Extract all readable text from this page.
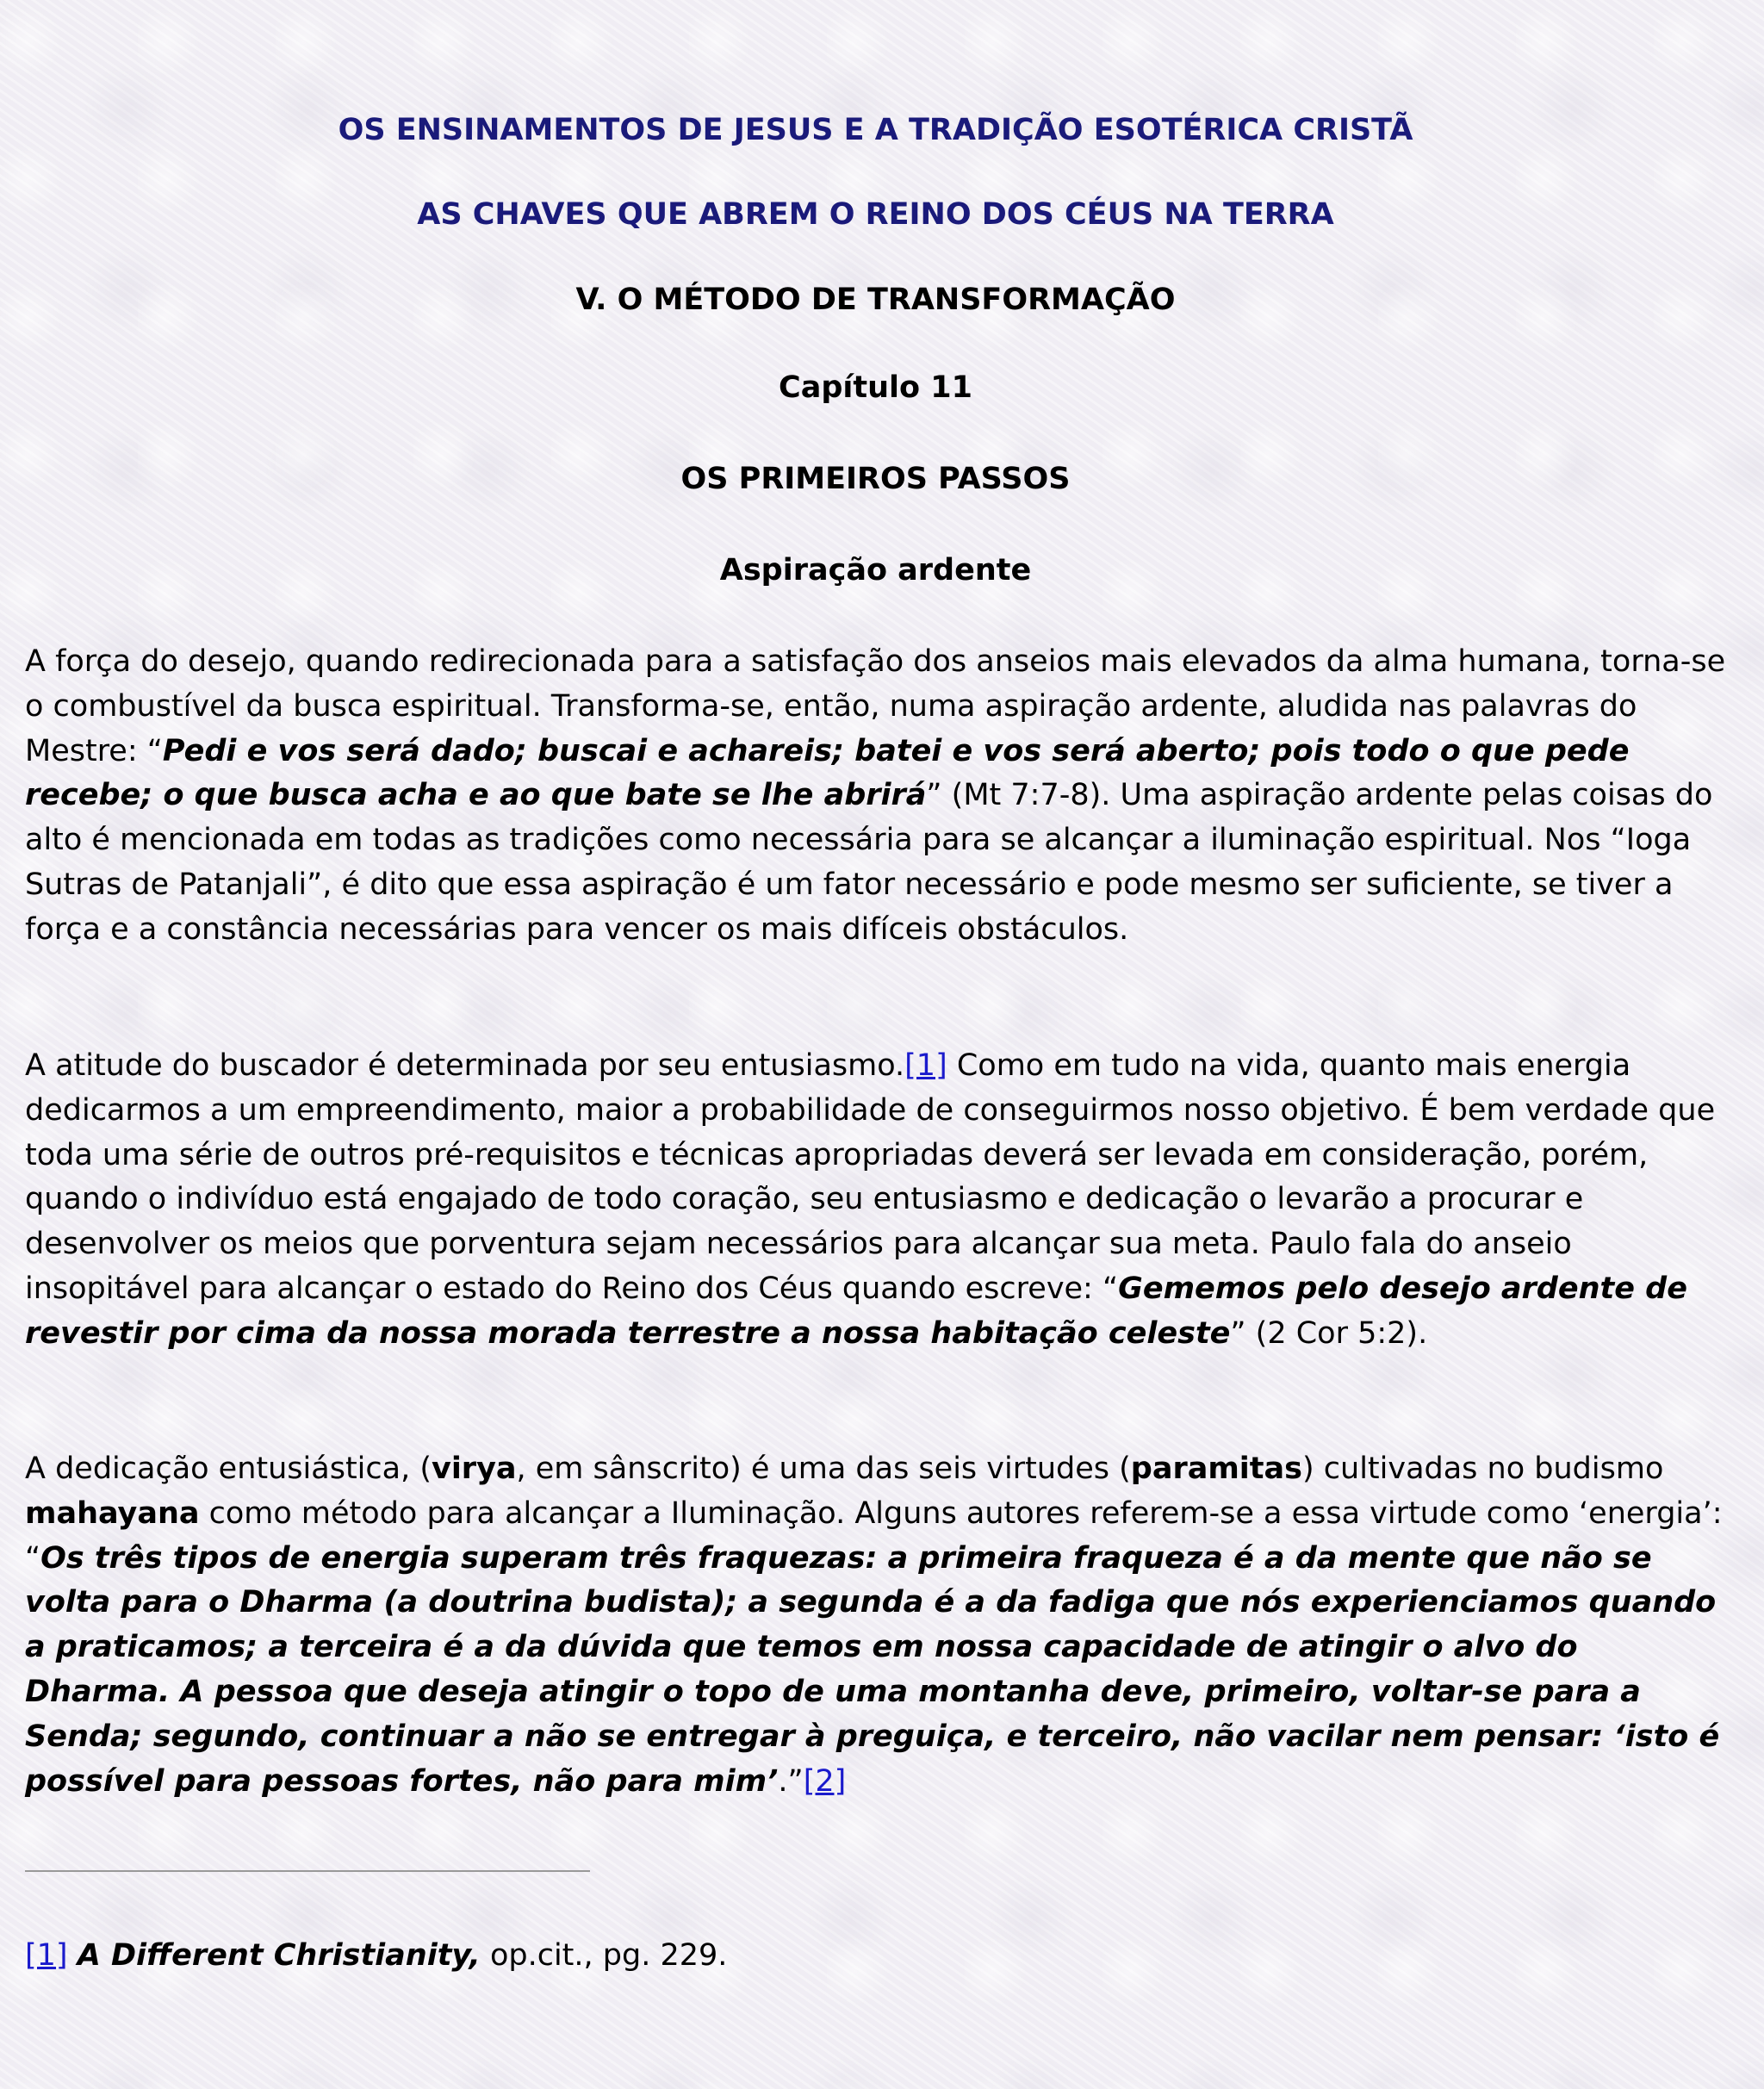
OS ENSINAMENTOS DE JESUS E A TRADIÇÃO ESOTÉRICA CRISTÃ
AS CHAVES QUE ABREM O REINO DOS CÉUS NA TERRA
V. O MÉTODO DE TRANSFORMAÇÃO
Capítulo 11
OS PRIMEIROS PASSOS
Aspiração ardente

A força do desejo, quando redirecionada para a satisfação dos anseios mais elevados da alma humana, torna-se o combustível da busca espiritual. Transforma-se, então, numa aspiração ardente, aludida nas palavras do Mestre: “Pedi e vos será dado; buscai e achareis; batei e vos será aberto; pois todo o que pede recebe; o que busca acha e ao que bate se lhe abrirá” (Mt 7:7-8). Uma aspiração ardente pelas coisas do alto é mencionada em todas as tradições como necessária para se alcançar a iluminação espiritual. Nos “Ioga Sutras de Patanjali”, é dito que essa aspiração é um fator necessário e pode mesmo ser suficiente, se tiver a força e a constância necessárias para vencer os mais difíceis obstáculos.

A atitude do buscador é determinada por seu entusiasmo.[1] Como em tudo na vida, quanto mais energia dedicarmos a um empreendimento, maior a probabilidade de conseguirmos nosso objetivo. É bem verdade que toda uma série de outros pré-requisitos e técnicas apropriadas deverá ser levada em consideração, porém, quando o indivíduo está engajado de todo coração, seu entusiasmo e dedicação o levarão a procurar e desenvolver os meios que porventura sejam necessários para alcançar sua meta. Paulo fala do anseio insopitável para alcançar o estado do Reino dos Céus quando escreve: “Gememos pelo desejo ardente de revestir por cima da nossa morada terrestre a nossa habitação celeste” (2 Cor 5:2).

A dedicação entusiástica, (virya, em sânscrito) é uma das seis virtudes (paramitas) cultivadas no budismo mahayana como método para alcançar a Iluminação. Alguns autores referem-se a essa virtude como ‘energia’: “Os três tipos de energia superam três fraquezas: a primeira fraqueza é a da mente que não se volta para o Dharma (a doutrina budista); a segunda é a da fadiga que nós experienciamos quando a praticamos; a terceira é a da dúvida que temos em nossa capacidade de atingir o alvo do Dharma. A pessoa que deseja atingir o topo de uma montanha deve, primeiro, voltar-se para a Senda; segundo, continuar a não se entregar à preguiça, e terceiro, não vacilar nem pensar: ‘isto é possível para pessoas fortes, não para mim’.”[2]

[1] A Different Christianity, op.cit., pg. 229.
